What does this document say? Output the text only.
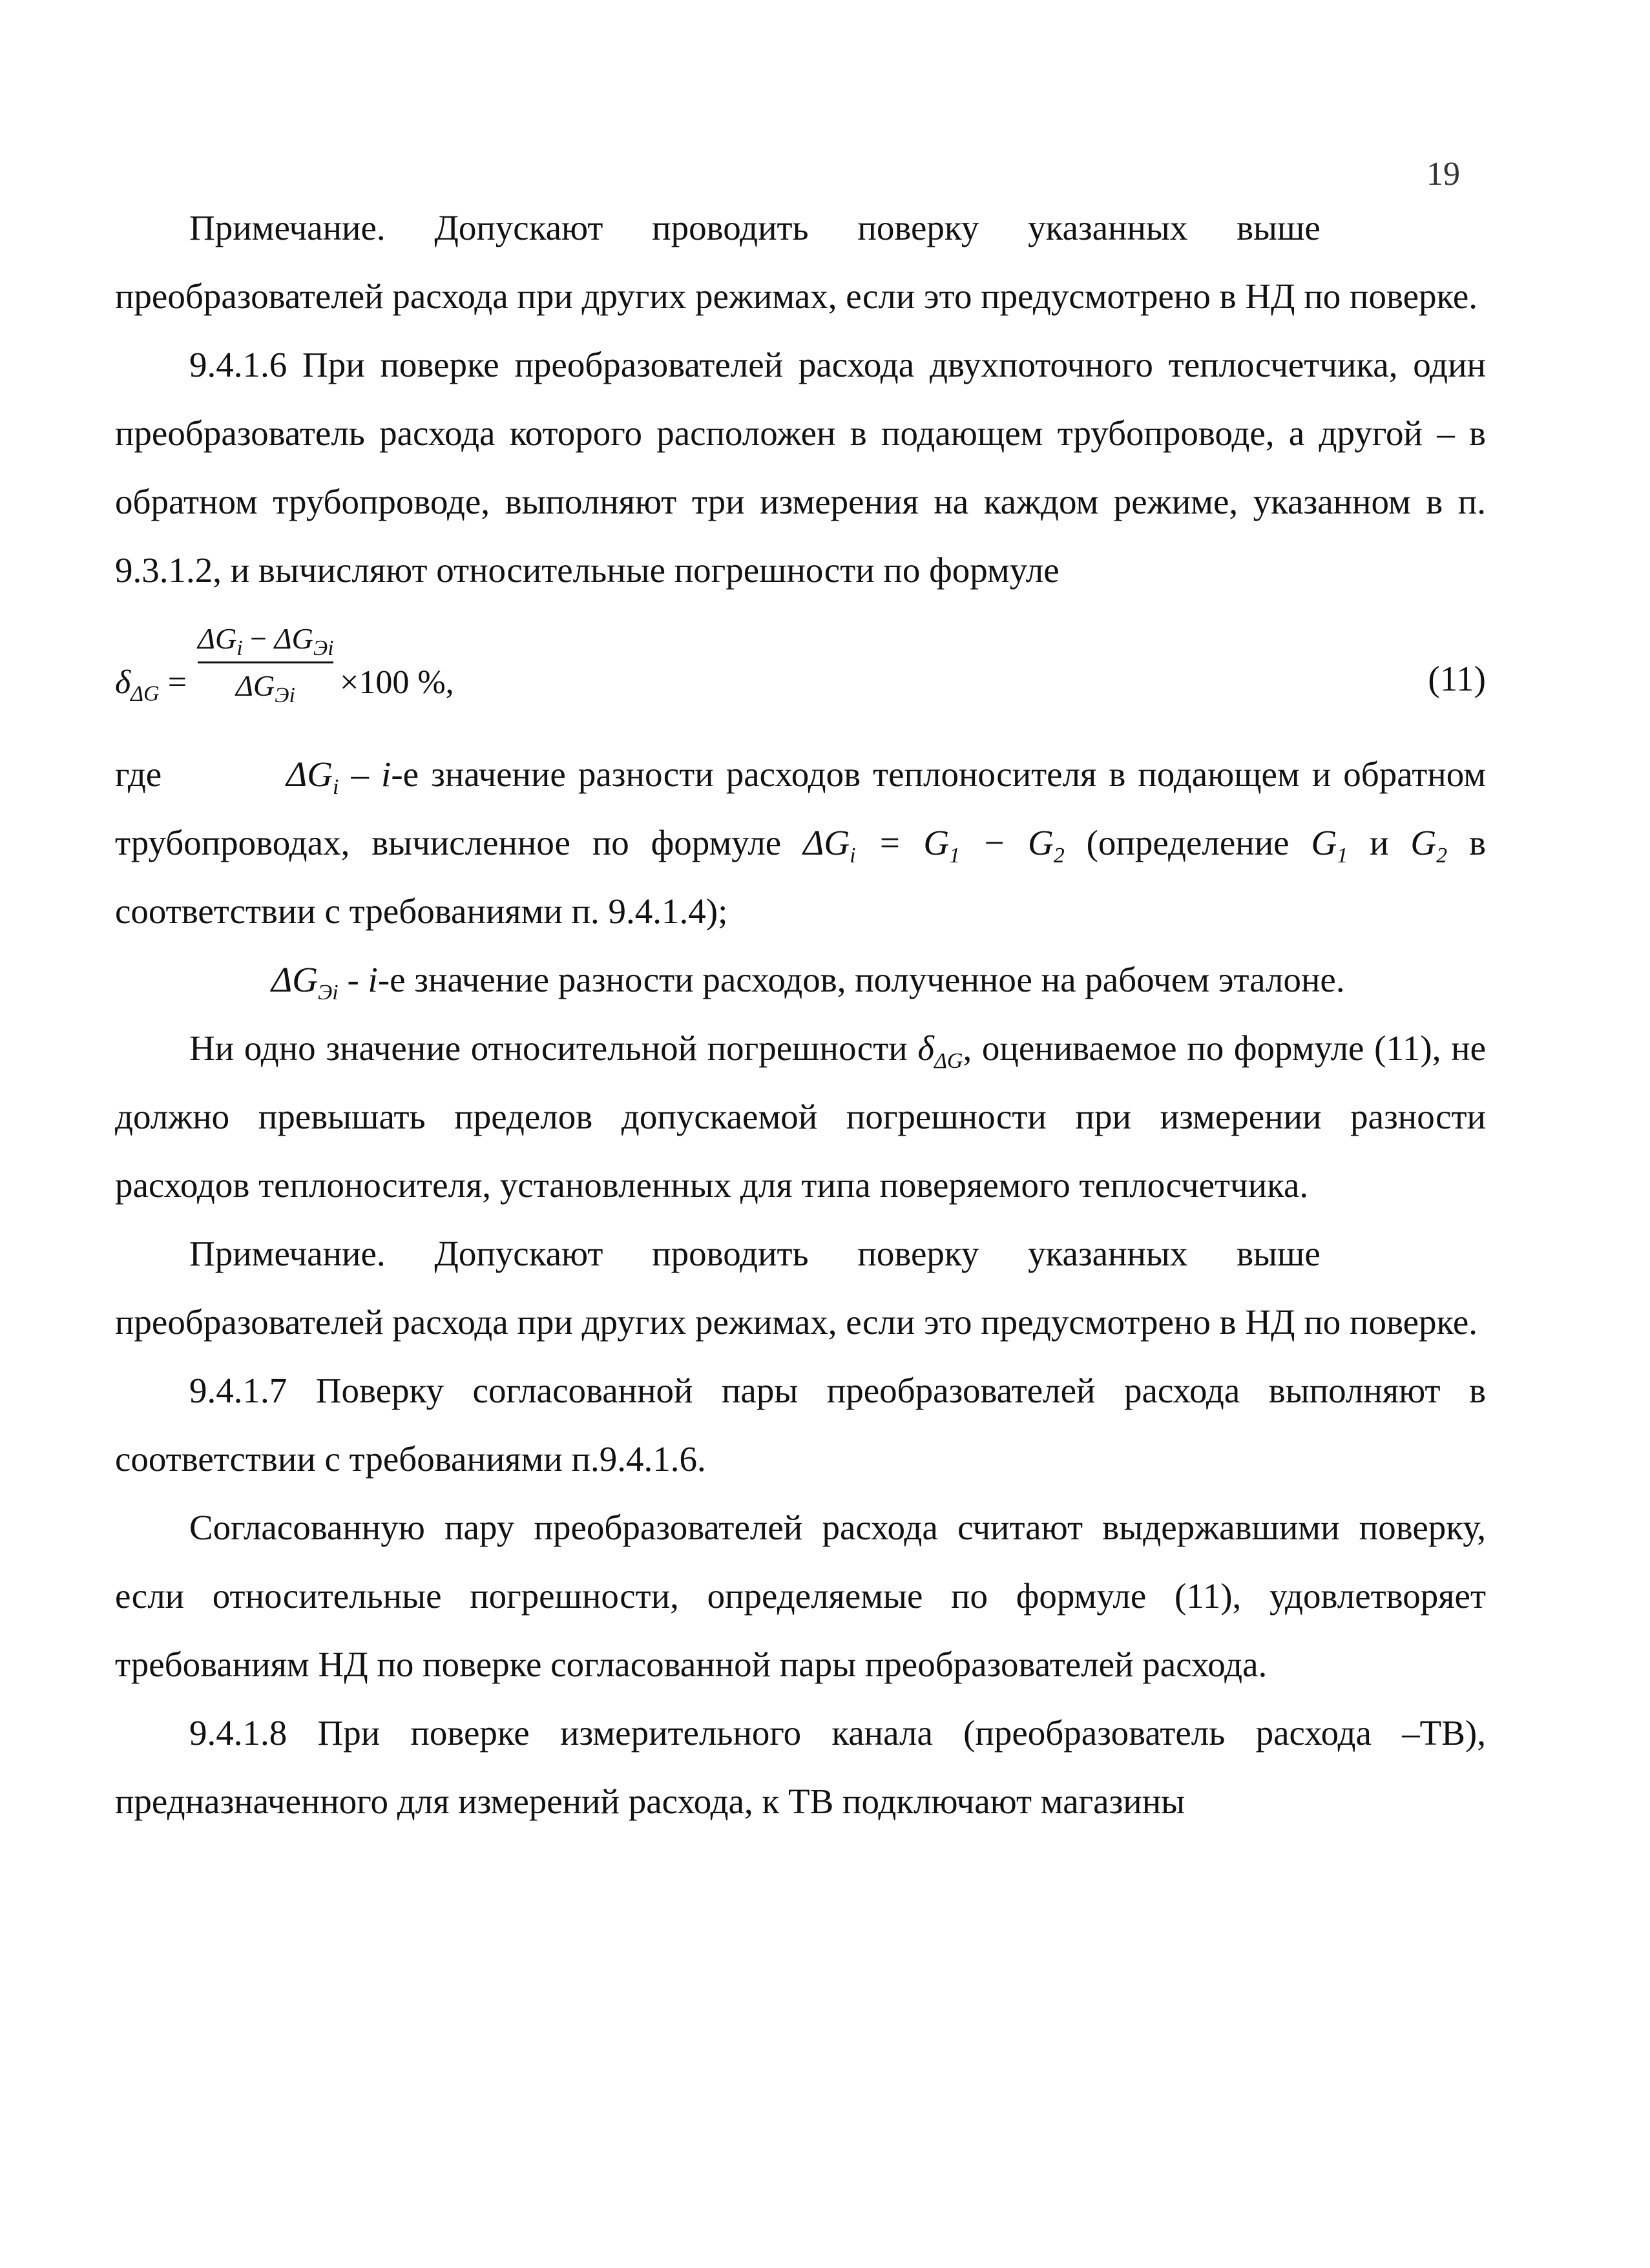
19

Примечание. Допускают проводить поверку указанных выше

преобразователей расхода при других режимах, если это предусмотрено в НД по поверке.

9.4.1.6 При поверке преобразователей расхода двухпоточного теплосчетчика, один преобразователь расхода которого расположен в подающем трубопроводе, а другой – в обратном трубопроводе, выполняют три измерения на каждом режиме, указанном в п. 9.3.1.2, и вычисляют относительные погрешности по формуле

$\delta_{\Delta G}$ =
$\Delta G_i - \Delta G_{Эi}$
$\Delta G_{Эi}$	×100 %,	(11)

где	$\Delta G_i - i-е$ значение разности расходов теплоносителя в подающем и обратном трубопроводах, вычисленное по формуле $\Delta G_i = G_1 - G_2$ (определение $G_1$ и $G_2$ в соответствии с требованиями п. 9.4.1.4);

$\Delta G_{Эi} - i-е$ значение разности расходов, полученное на рабочем эталоне.

Ни одно значение относительной погрешности $\delta_{\Delta G}$, оцениваемое по формуле (11), не должно превышать пределов допускаемой погрешности при измерении разности расходов теплоносителя, установленных для типа поверяемого теплосчетчика.

Примечание. Допускают проводить поверку указанных выше

преобразователей расхода при других режимах, если это предусмотрено в НД по поверке.

9.4.1.7 Поверку согласованной пары преобразователей расхода выполняют в соответствии с требованиями п.9.4.1.6.

Согласованную пару преобразователей расхода считают выдержавшими поверку, если относительные погрешности, определяемые по формуле (11), удовлетворяет требованиям НД по поверке согласованной пары преобразователей расхода.

9.4.1.8 При поверке измерительного канала (преобразователь расхода –ТВ), предназначенного для измерений расхода, к ТВ подключают магазины
